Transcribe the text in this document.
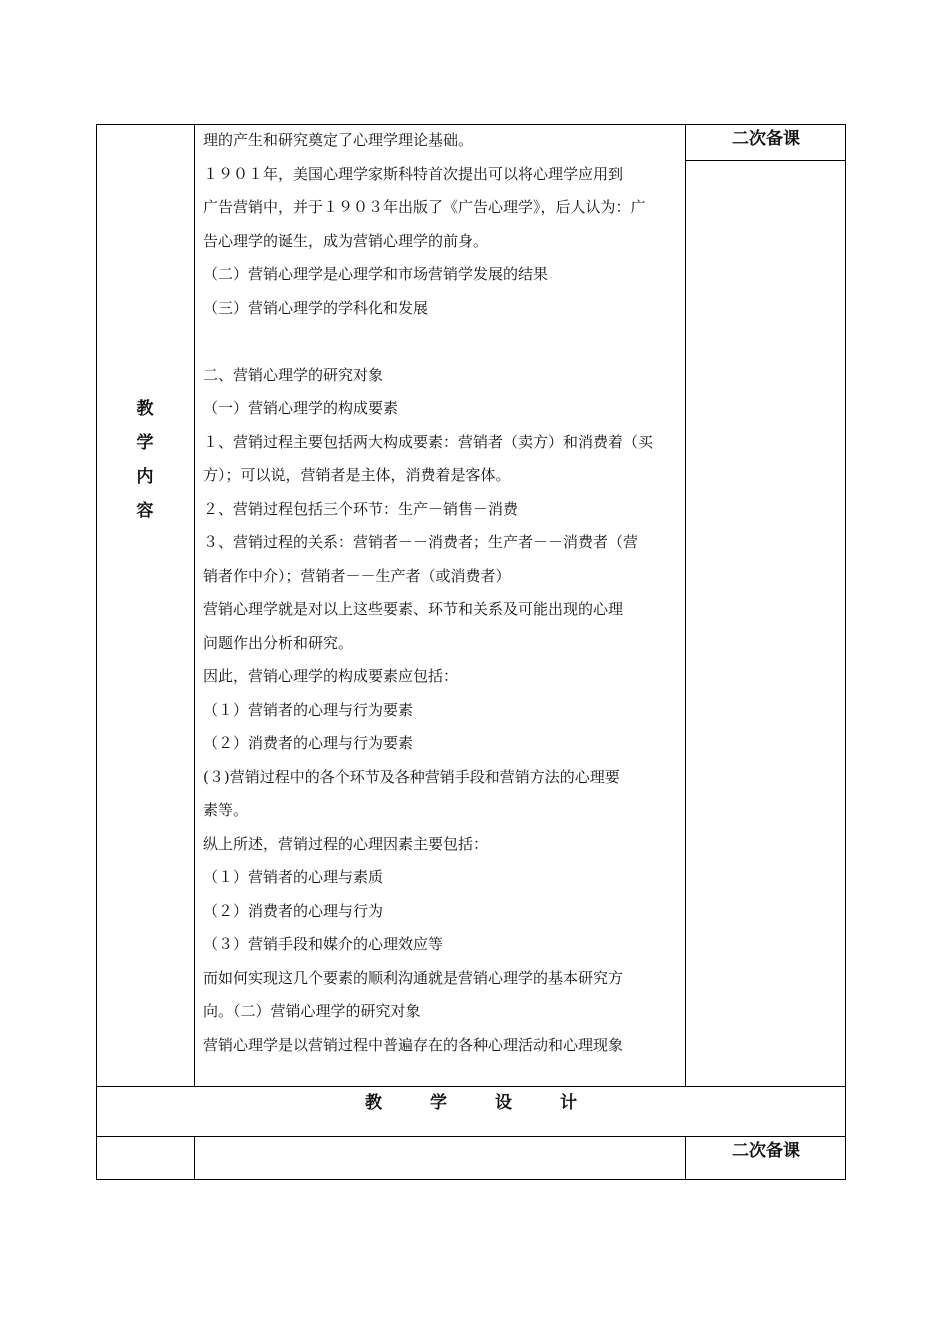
教
学
内
容
二次备课
二次备课
理的产生和研究奠定了心理学理论基础。
１９０１年，美国心理学家斯科特首次提出可以将心理学应用到
广告营销中，并于１９０３年出版了《广告心理学》，后人认为：广
告心理学的诞生，成为营销心理学的前身。
（二）营销心理学是心理学和市场营销学发展的结果
（三）营销心理学的学科化和发展
二、营销心理学的研究对象
（一）营销心理学的构成要素
１、营销过程主要包括两大构成要素：营销者（卖方）和消费着（买
方）；可以说，营销者是主体，消费着是客体。
２、营销过程包括三个环节：生产－销售－消费
３、营销过程的关系：营销者－－消费者；生产者－－消费者（营
销者作中介）；营销者－－生产者（或消费者）
营销心理学就是对以上这些要素、环节和关系及可能出现的心理
问题作出分析和研究。
因此，营销心理学的构成要素应包括：
（１）营销者的心理与行为要素
（２）消费者的心理与行为要素
(３)营销过程中的各个环节及各种营销手段和营销方法的心理要
素等。
纵上所述，营销过程的心理因素主要包括：
（１）营销者的心理与素质
（２）消费者的心理与行为
（３）营销手段和媒介的心理效应等
而如何实现这几个要素的顺利沟通就是营销心理学的基本研究方
向。（二）营销心理学的研究对象
营销心理学是以营销过程中普遍存在的各种心理活动和心理现象
教学设计
